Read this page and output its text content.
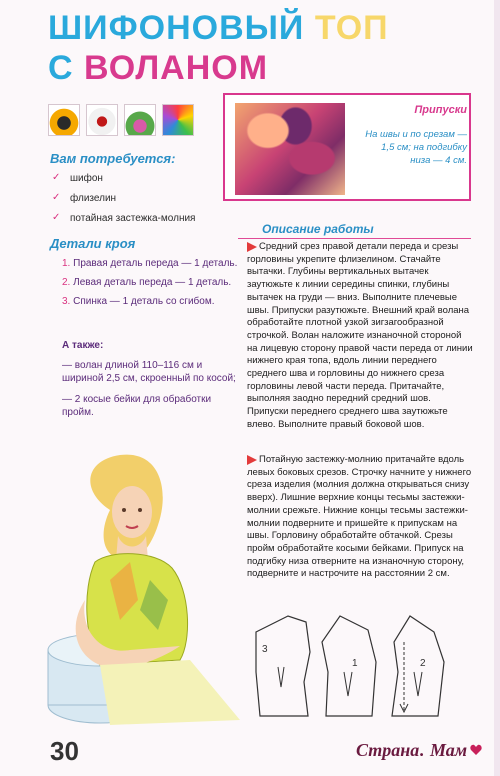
ШИФОНОВЫЙ ТОП
С ВОЛАНОМ
Вам потребуется:
✓ шифон
✓ флизелин
✓ потайная застежка-молния
Детали кроя
1. Правая деталь переда — 1 деталь.
2. Левая деталь переда — 1 деталь.
3. Спинка — 1 деталь со сгибом.
А также:
— волан длиной 110–116 см и шириной 2,5 см, скроенный по косой;
— 2 косые бейки для обработки пройм.
Припуски
На швы и по срезам — 1,5 см; на подгибку низа — 4 см.
Описание работы
Средний срез правой детали переда и срезы горловины укрепите флизелином. Стачайте вытачки. Глубины вертикальных вытачек заутюжьте к линии середины спинки, глубины вытачек на груди — вниз. Выполните плечевые швы. Припуски разутюжьте. Внешний край волана обработайте плотной узкой зигзагообразной строчкой. Волан наложите изнаночной стороной на лицевую сторону правой части переда от линии нижнего края топа, вдоль линии переднего среднего шва и горловины до нижнего среза горловины левой части переда. Притачайте, выполняя заодно передний средний шов. Припуски переднего среднего шва заутюжьте влево. Выполните правый боковой шов.
Потайную застежку-молнию притачайте вдоль левых боковых срезов. Строчку начните у нижнего среза изделия (молния должна открываться снизу вверх). Лишние верхние концы тесьмы застежки-молнии срежьте. Нижние концы тесьмы застежки-молнии подверните и пришейте к припускам на швы. Горловину обработайте обтачкой. Срезы пройм обработайте косыми бейками. Припуск на подгибку низа отверните на изнаночную сторону, подверните и настрочите на расстоянии 2 см.
3
1	2
30	Страна . Мам
